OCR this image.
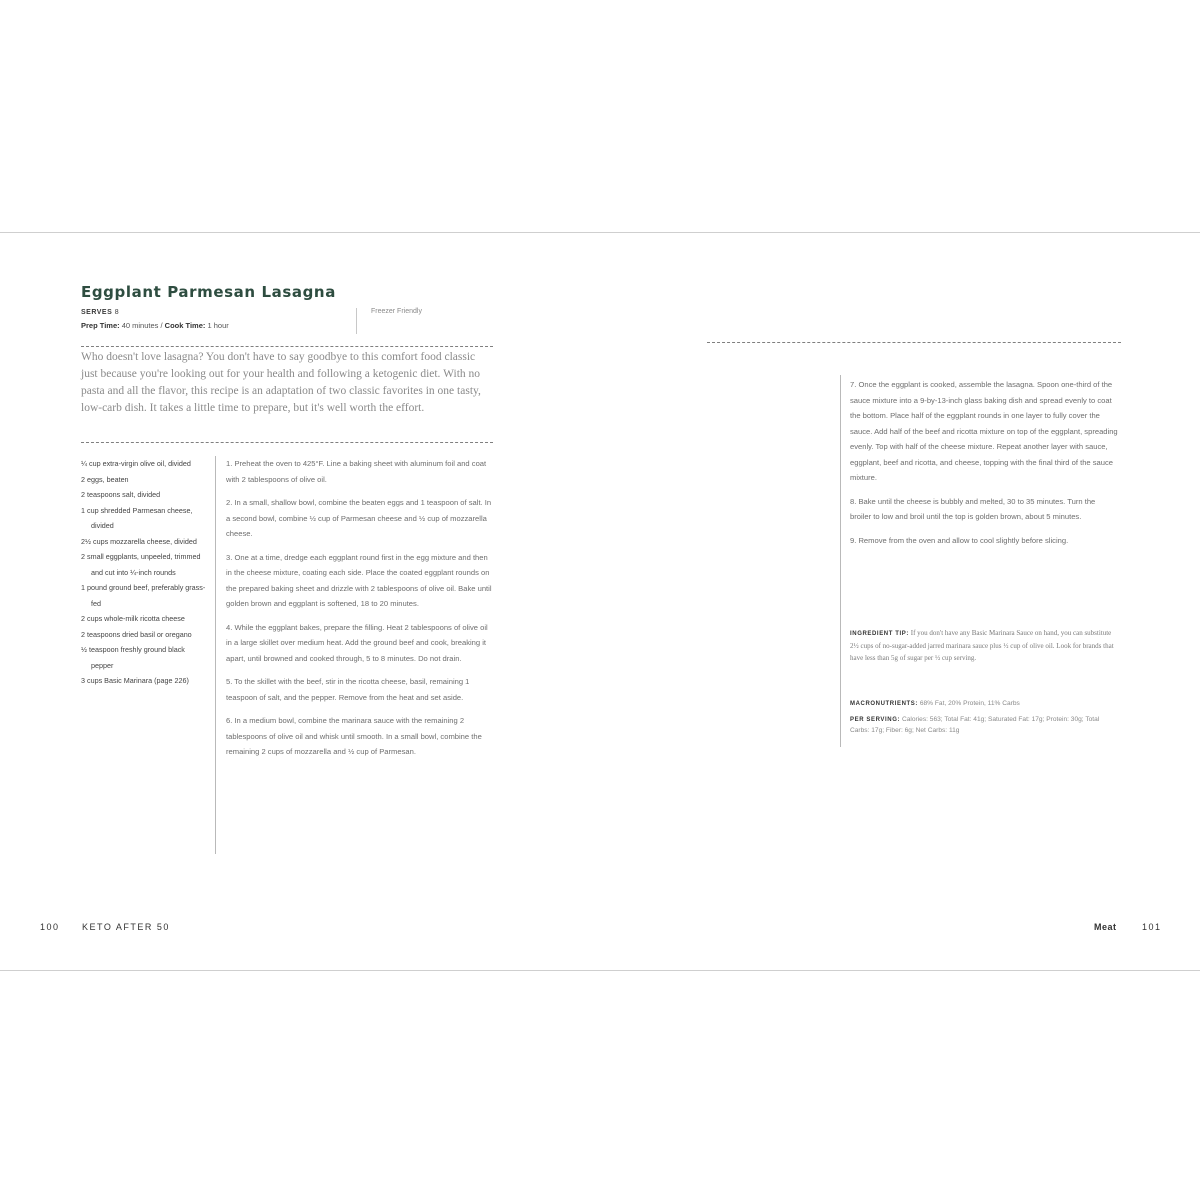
Eggplant Parmesan Lasagna
SERVES 8
Prep Time: 40 minutes / Cook Time: 1 hour
Freezer Friendly
Who doesn't love lasagna? You don't have to say goodbye to this comfort food classic just because you're looking out for your health and following a ketogenic diet. With no pasta and all the flavor, this recipe is an adaptation of two classic favorites in one tasty, low-carb dish. It takes a little time to prepare, but it's well worth the effort.
¼ cup extra-virgin olive oil, divided
2 eggs, beaten
2 teaspoons salt, divided
1 cup shredded Parmesan cheese, divided
2½ cups mozzarella cheese, divided
2 small eggplants, unpeeled, trimmed and cut into ¼-inch rounds
1 pound ground beef, preferably grass-fed
2 cups whole-milk ricotta cheese
2 teaspoons dried basil or oregano
½ teaspoon freshly ground black pepper
3 cups Basic Marinara (page 226)
1. Preheat the oven to 425°F. Line a baking sheet with aluminum foil and coat with 2 tablespoons of olive oil.
2. In a small, shallow bowl, combine the beaten eggs and 1 teaspoon of salt. In a second bowl, combine ½ cup of Parmesan cheese and ½ cup of mozzarella cheese.
3. One at a time, dredge each eggplant round first in the egg mixture and then in the cheese mixture, coating each side. Place the coated eggplant rounds on the prepared baking sheet and drizzle with 2 tablespoons of olive oil. Bake until golden brown and eggplant is softened, 18 to 20 minutes.
4. While the eggplant bakes, prepare the filling. Heat 2 tablespoons of olive oil in a large skillet over medium heat. Add the ground beef and cook, breaking it apart, until browned and cooked through, 5 to 8 minutes. Do not drain.
5. To the skillet with the beef, stir in the ricotta cheese, basil, remaining 1 teaspoon of salt, and the pepper. Remove from the heat and set aside.
6. In a medium bowl, combine the marinara sauce with the remaining 2 tablespoons of olive oil and whisk until smooth. In a small bowl, combine the remaining 2 cups of mozzarella and ½ cup of Parmesan.
7. Once the eggplant is cooked, assemble the lasagna. Spoon one-third of the sauce mixture into a 9-by-13-inch glass baking dish and spread evenly to coat the bottom. Place half of the eggplant rounds in one layer to fully cover the sauce. Add half of the beef and ricotta mixture on top of the eggplant, spreading evenly. Top with half of the cheese mixture. Repeat another layer with sauce, eggplant, beef and ricotta, and cheese, topping with the final third of the sauce mixture.
8. Bake until the cheese is bubbly and melted, 30 to 35 minutes. Turn the broiler to low and broil until the top is golden brown, about 5 minutes.
9. Remove from the oven and allow to cool slightly before slicing.
INGREDIENT TIP: If you don't have any Basic Marinara Sauce on hand, you can substitute 2½ cups of no-sugar-added jarred marinara sauce plus ½ cup of olive oil. Look for brands that have less than 5g of sugar per ½ cup serving.
MACRONUTRIENTS: 68% Fat, 20% Protein, 11% Carbs
PER SERVING: Calories: 563; Total Fat: 41g; Saturated Fat: 17g; Protein: 30g; Total Carbs: 17g; Fiber: 6g; Net Carbs: 11g
100 KETO AFTER 50	Meat	101
